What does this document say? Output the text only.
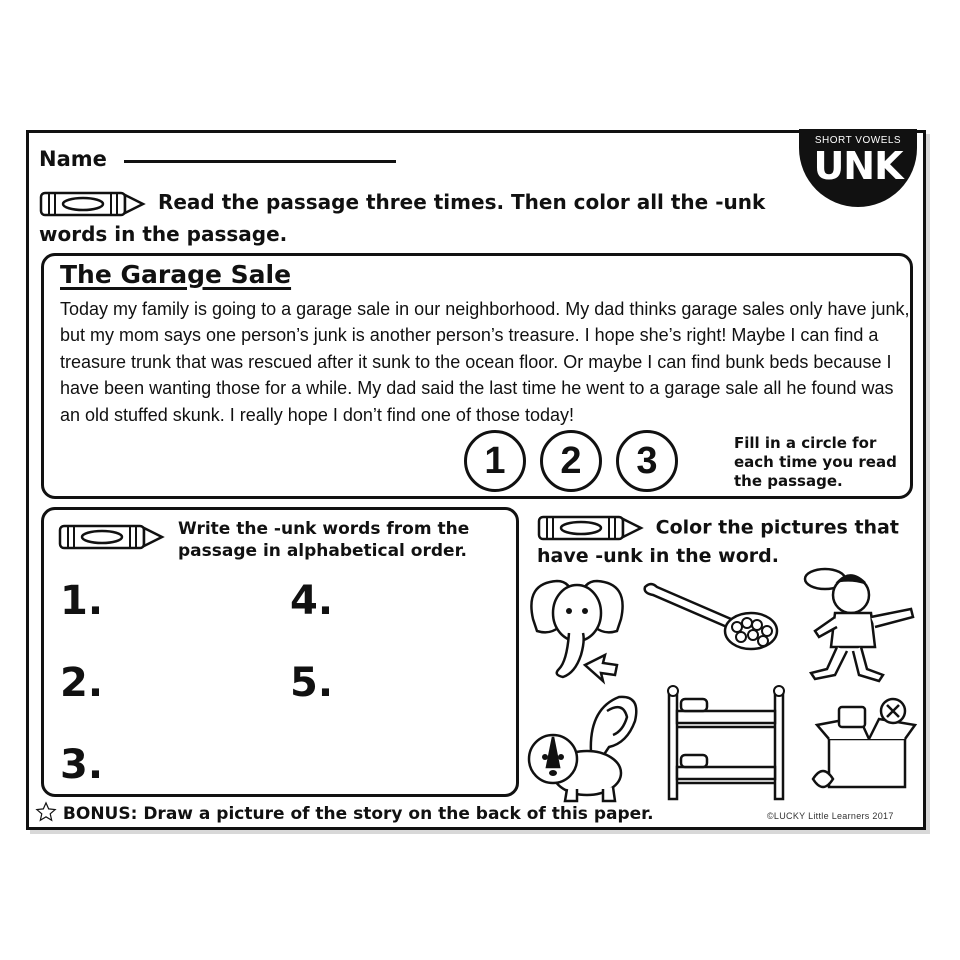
Name
SHORT VOWELS
UNK
Read the passage three times. Then color all the -unk words in the passage.
The Garage Sale
Today my family is going to a garage sale in our neighborhood. My dad thinks garage sales only have junk, but my mom says one person’s junk is another person’s treasure. I hope she’s right! Maybe I can find a treasure trunk that was rescued after it sunk to the ocean floor. Or maybe I can find bunk beds because I have been wanting those for a while. My dad said the last time he went to a garage sale all he found was an old stuffed skunk. I really hope I don’t find one of those today!
1	2	3	Fill in a circle for each time you read the passage.
Write the -unk words from the passage in alphabetical order.
1.
2.
3.
4.
5.
Color the pictures that have -unk in the word.
BONUS: Draw a picture of the story on the back of this paper.	©LUCKY Little Learners 2017
